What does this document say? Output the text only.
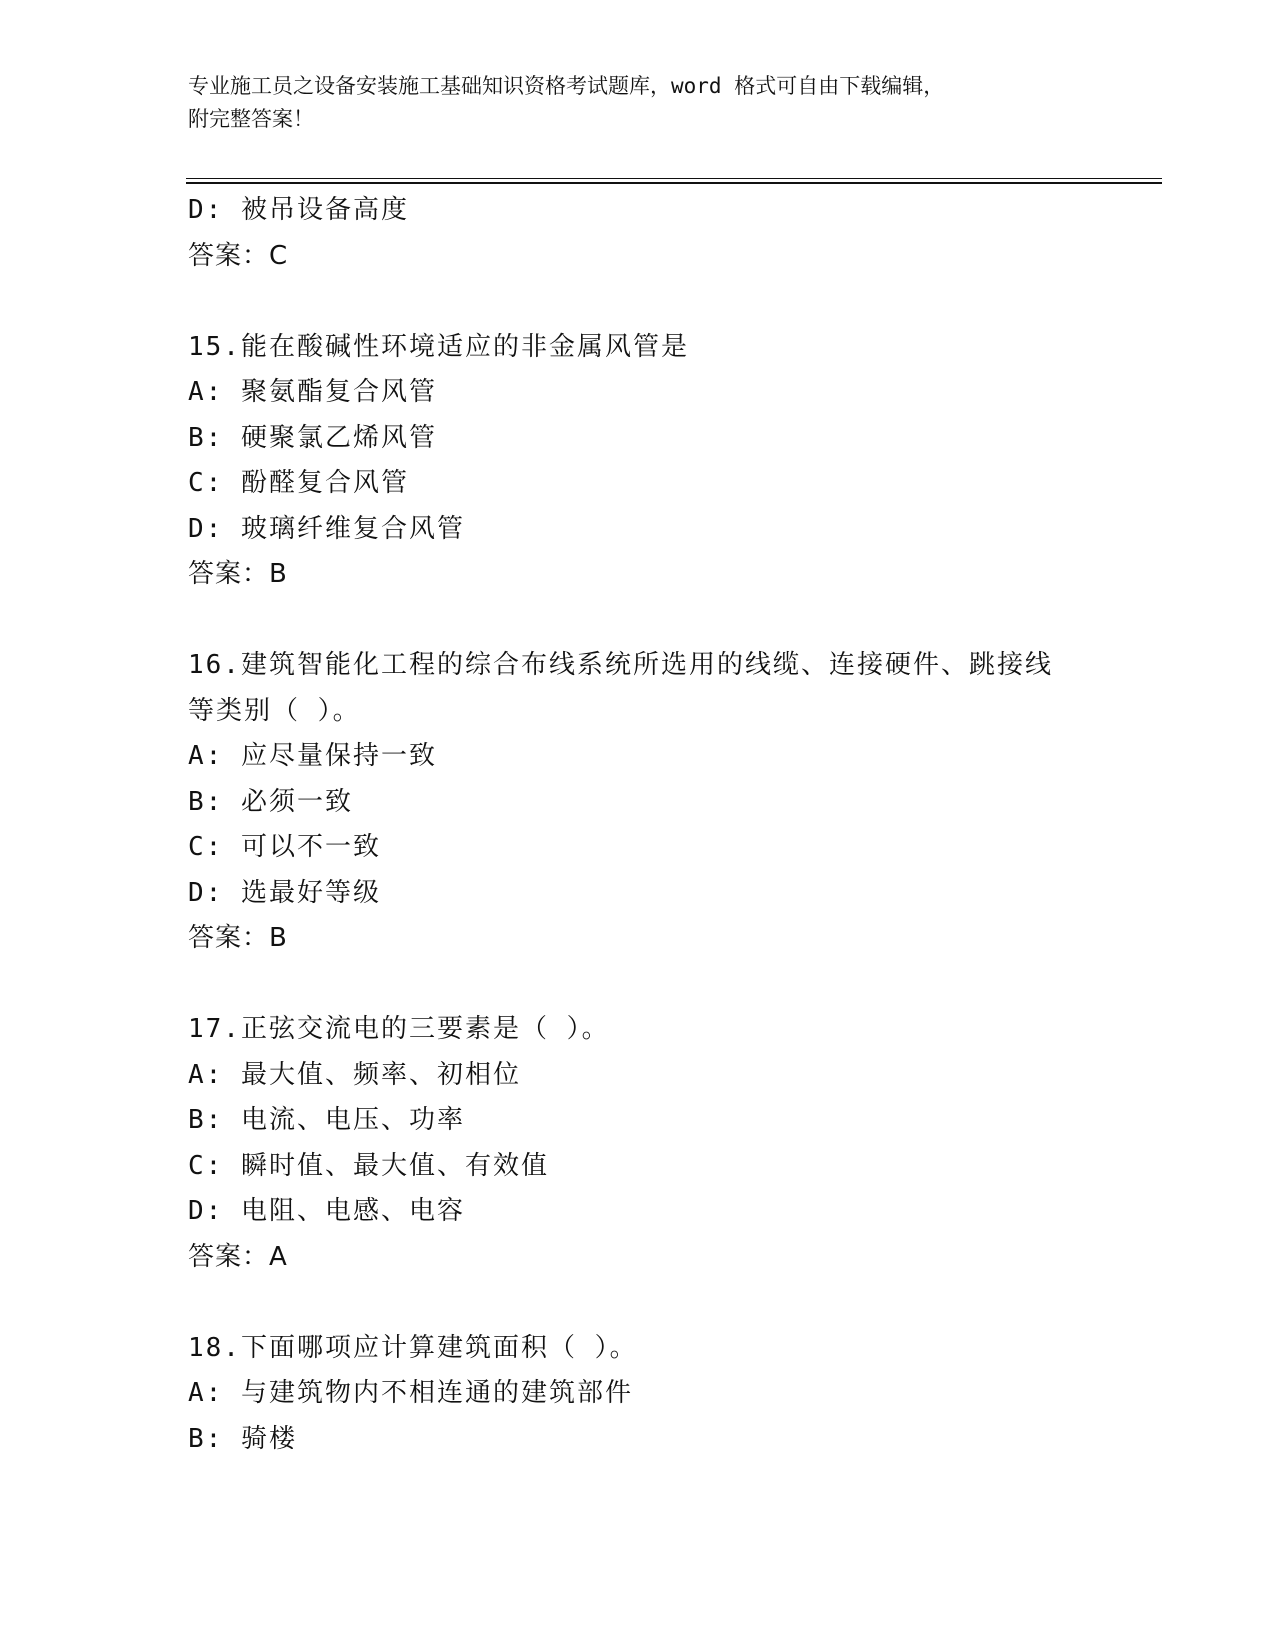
专业施工员之设备安装施工基础知识资格考试题库，word 格式可自由下载编辑，
附完整答案！
D: 被吊设备高度
答案：C
15.能在酸碱性环境适应的非金属风管是
A: 聚氨酯复合风管
B: 硬聚氯乙烯风管
C: 酚醛复合风管
D: 玻璃纤维复合风管
答案：B
16.建筑智能化工程的综合布线系统所选用的线缆、连接硬件、跳接线
等类别（ ）。
A: 应尽量保持一致
B: 必须一致
C: 可以不一致
D: 选最好等级
答案：B
17.正弦交流电的三要素是（ ）。
A: 最大值、频率、初相位
B: 电流、电压、功率
C: 瞬时值、最大值、有效值
D: 电阻、电感、电容
答案：A
18.下面哪项应计算建筑面积（ ）。
A: 与建筑物内不相连通的建筑部件
B: 骑楼
